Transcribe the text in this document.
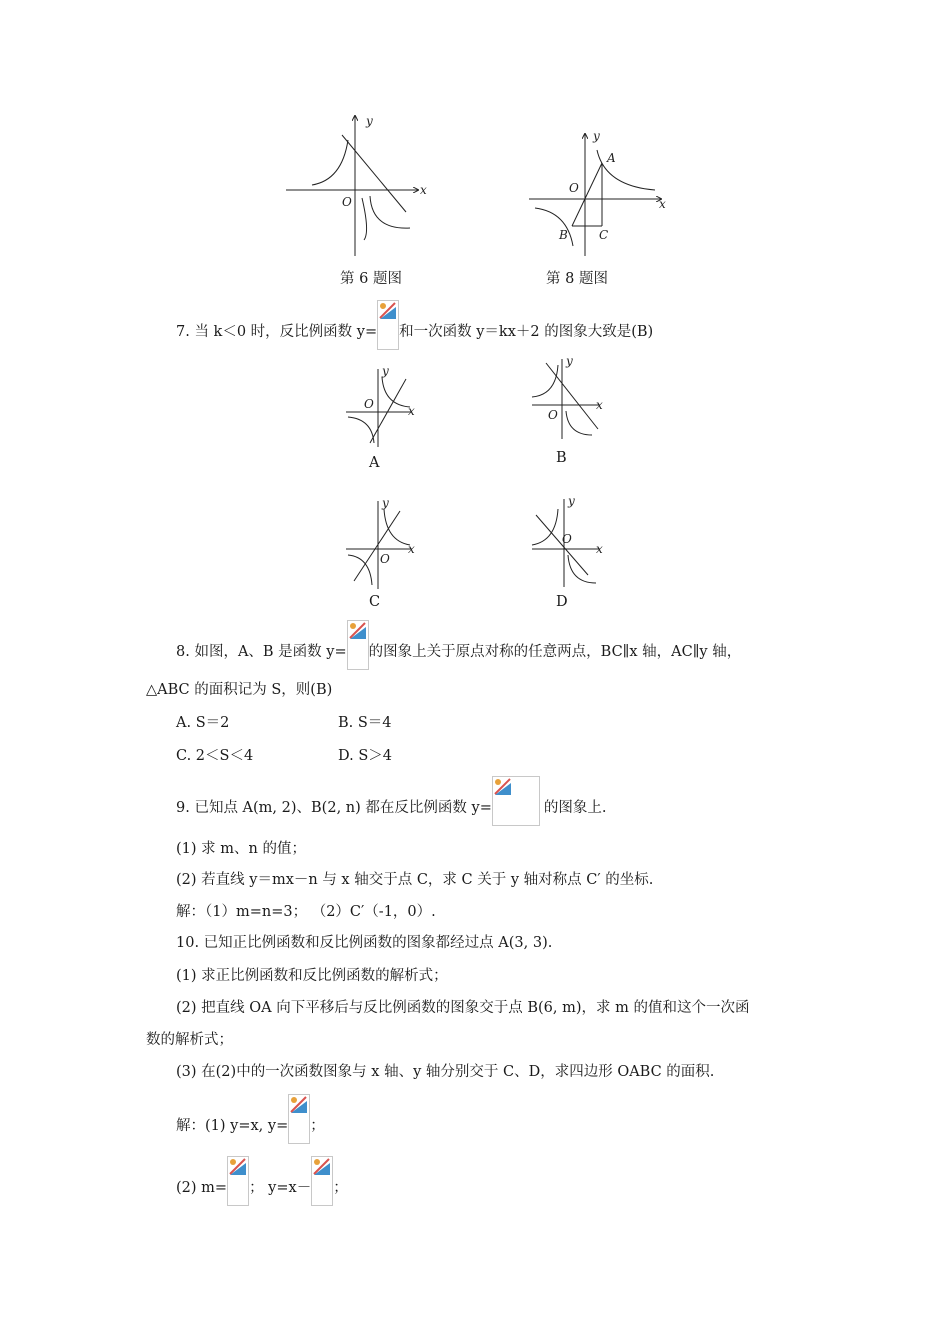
x
y
O
第 6 题图
x
y
O
A
B	C
第 8 题图
7. 当 k＜0 时，反比例函数 y= 和一次函数 y＝kx＋2 的图象大致是(B)
x
y
O
A
x
y
O
B
x
y
O
C
x
y
O
D
8. 如图，A、B 是函数 y= 的图象上关于原点对称的任意两点，BC∥x 轴，AC∥y 轴，
△ABC 的面积记为 S，则(B)
A. S＝2	B. S＝4
C. 2＜S＜4	D. S＞4
9. 已知点 A(m, 2)、B(2, n) 都在反比例函数 y=	的图象上.
(1) 求 m、n 的值；
(2) 若直线 y＝mx－n 与 x 轴交于点 C，求 C 关于 y 轴对称点 C′ 的坐标.
解：（1）m=n=3； （2）C′（-1，0）.
10. 已知正比例函数和反比例函数的图象都经过点 A(3, 3).
(1) 求正比例函数和反比例函数的解析式；
(2) 把直线 OA 向下平移后与反比例函数的图象交于点 B(6, m)，求 m 的值和这个一次函
数的解析式；
(3) 在(2)中的一次函数图象与 x 轴、y 轴分别交于 C、D，求四边形 OABC 的面积.
解：(1) y=x, y= ；
(2) m= ； y=x－ ；
